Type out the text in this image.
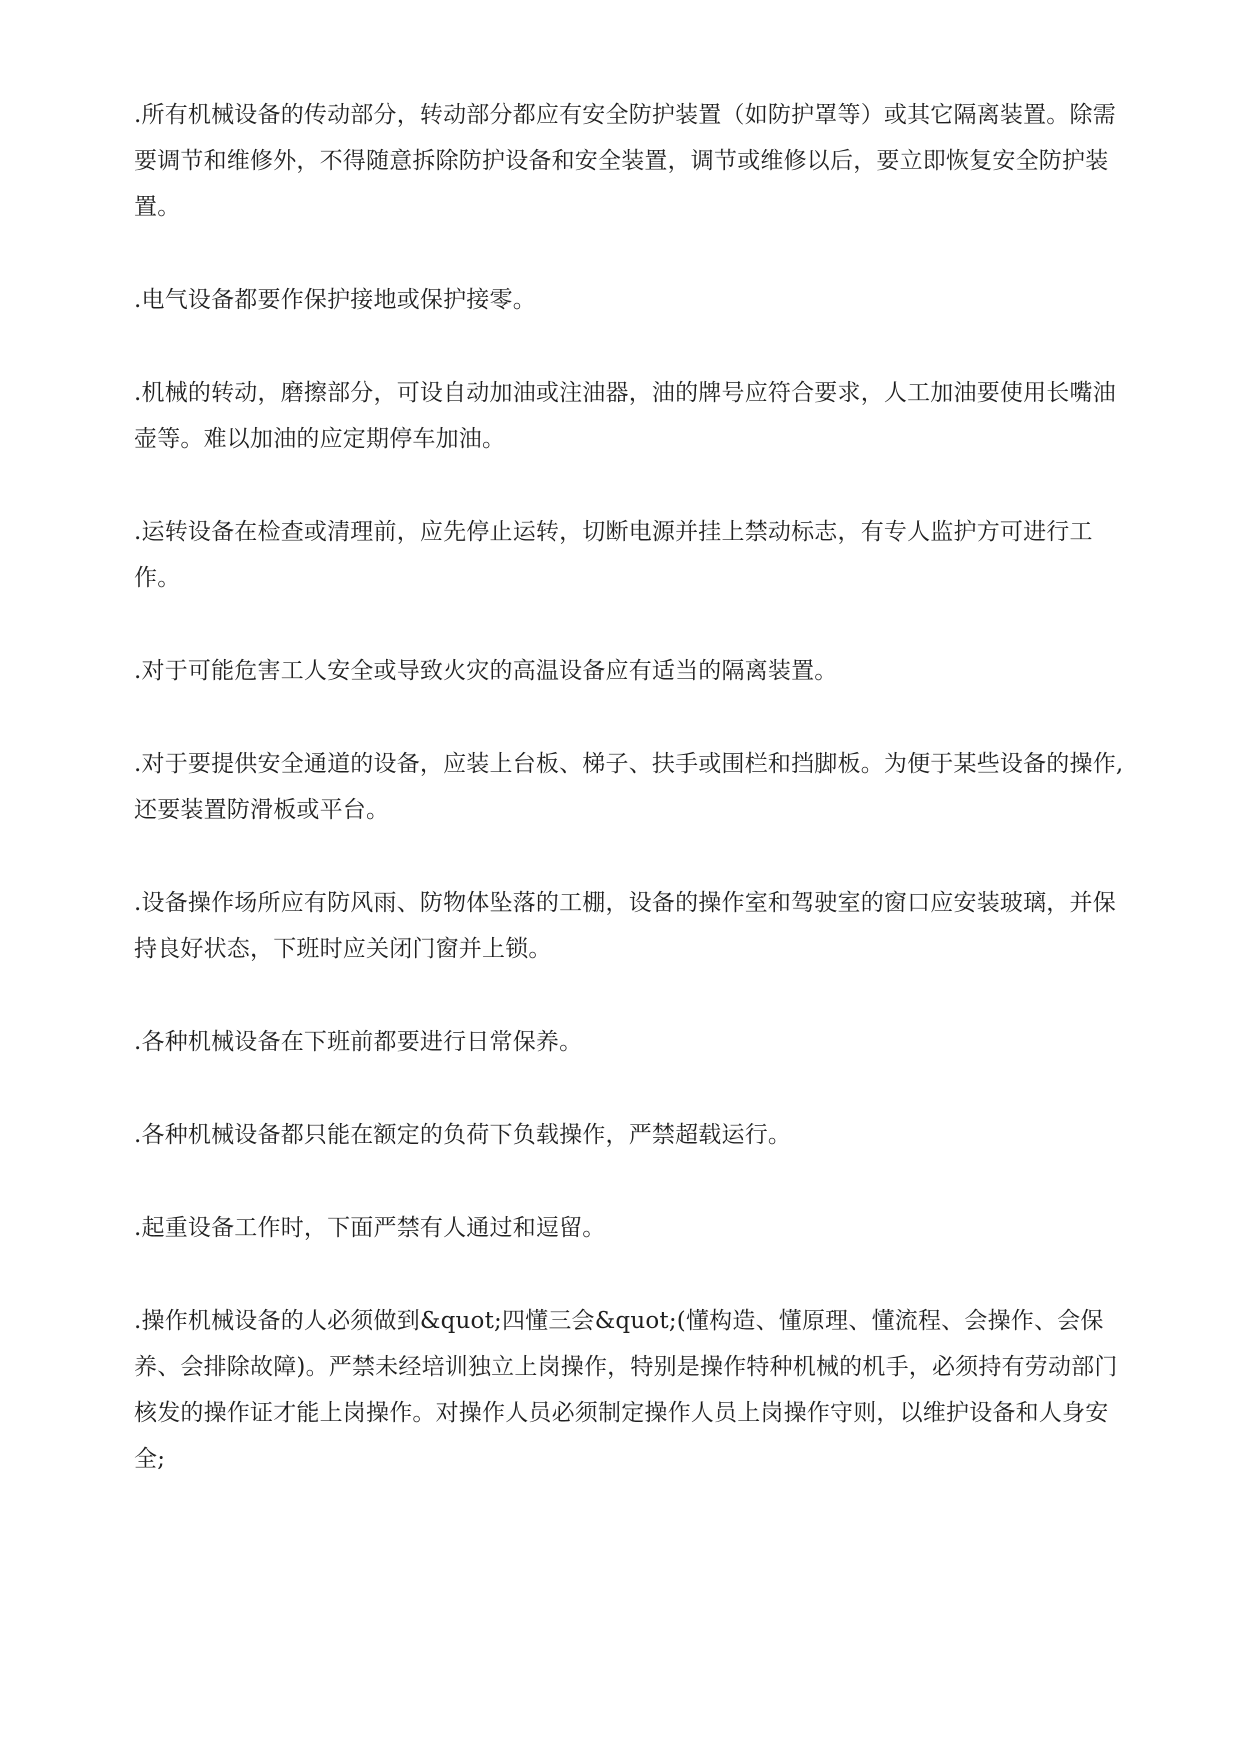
.所有机械设备的传动部分，转动部分都应有安全防护装置（如防护罩等）或其它隔离装置。除需要调节和维修外，不得随意拆除防护设备和安全装置，调节或维修以后，要立即恢复安全防护装置。

.电气设备都要作保护接地或保护接零。

.机械的转动，磨擦部分，可设自动加油或注油器，油的牌号应符合要求，人工加油要使用长嘴油壶等。难以加油的应定期停车加油。

.运转设备在检查或清理前，应先停止运转，切断电源并挂上禁动标志，有专人监护方可进行工作。

.对于可能危害工人安全或导致火灾的高温设备应有适当的隔离装置。

.对于要提供安全通道的设备，应装上台板、梯子、扶手或围栏和挡脚板。为便于某些设备的操作,还要装置防滑板或平台。

.设备操作场所应有防风雨、防物体坠落的工棚，设备的操作室和驾驶室的窗口应安装玻璃，并保持良好状态，下班时应关闭门窗并上锁。

.各种机械设备在下班前都要进行日常保养。

.各种机械设备都只能在额定的负荷下负载操作，严禁超载运行。

.起重设备工作时，下面严禁有人通过和逗留。

.操作机械设备的人必须做到&quot;四懂三会&quot;(懂构造、懂原理、懂流程、会操作、会保养、会排除故障)。严禁未经培训独立上岗操作，特别是操作特种机械的机手，必须持有劳动部门核发的操作证才能上岗操作。对操作人员必须制定操作人员上岗操作守则，以维护设备和人身安全;
